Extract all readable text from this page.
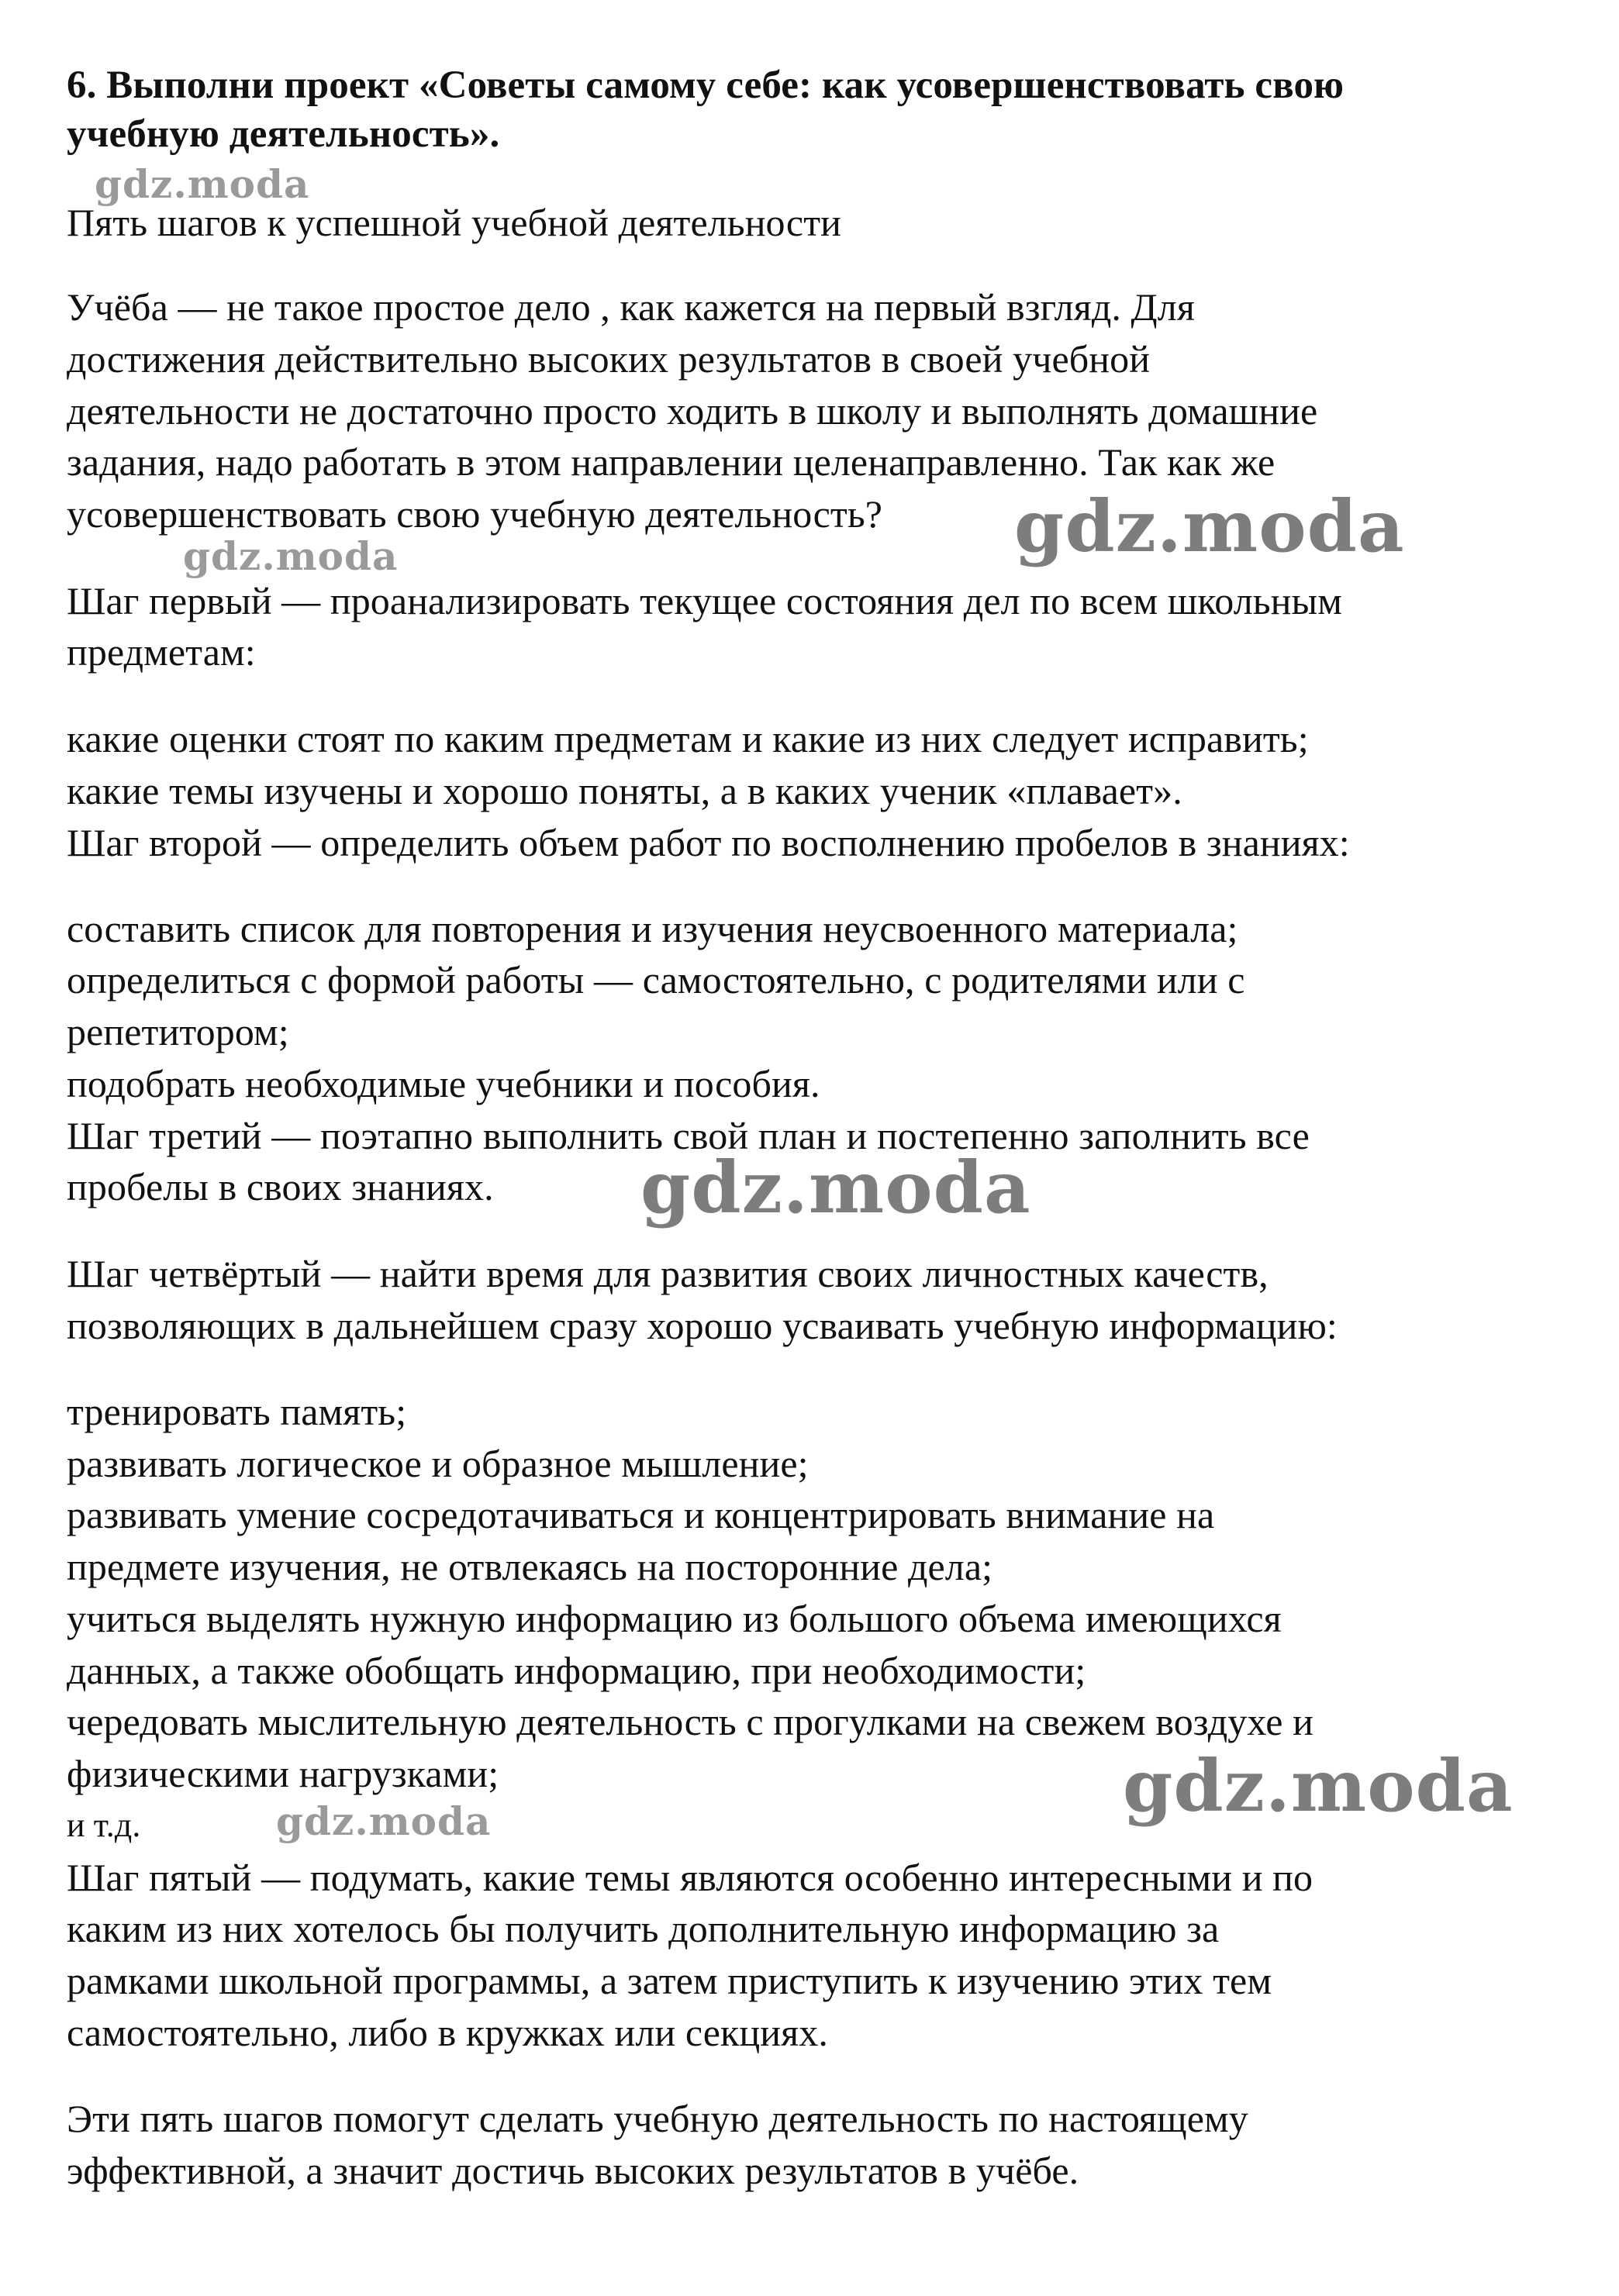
6. Выполни проект «Советы самому себе: как усовершенствовать свою
учебную деятельность».
Пять шагов к успешной учебной деятельности
Учёба — не такое простое дело , как кажется на первый взгляд. Для
достижения действительно высоких результатов в своей учебной
деятельности не достаточно просто ходить в школу и выполнять домашние
задания, надо работать в этом направлении целенаправленно. Так как же
усовершенствовать свою учебную деятельность?
Шаг первый — проанализировать текущее состояния дел по всем школьным
предметам:
какие оценки стоят по каким предметам и какие из них следует исправить;
какие темы изучены и хорошо поняты, а в каких ученик «плавает».
Шаг второй — определить объем работ по восполнению пробелов в знаниях:
составить список для повторения и изучения неусвоенного материала;
определиться с формой работы — самостоятельно, с родителями или с
репетитором;
подобрать необходимые учебники и пособия.
Шаг третий — поэтапно выполнить свой план и постепенно заполнить все
пробелы в своих знаниях.
Шаг четвёртый — найти время для развития своих личностных качеств,
позволяющих в дальнейшем сразу хорошо усваивать учебную информацию:
тренировать память;
развивать логическое и образное мышление;
развивать умение сосредотачиваться и концентрировать внимание на
предмете изучения, не отвлекаясь на посторонние дела;
учиться выделять нужную информацию из большого объема имеющихся
данных, а также обобщать информацию, при необходимости;
чередовать мыслительную деятельность с прогулками на свежем воздухе и
физическими нагрузками;
и т.д.
Шаг пятый — подумать, какие темы являются особенно интересными и по
каким из них хотелось бы получить дополнительную информацию за
рамками школьной программы, а затем приступить к изучению этих тем
самостоятельно, либо в кружках или секциях.
Эти пять шагов помогут сделать учебную деятельность по настоящему
эффективной, а значит достичь высоких результатов в учёбе.
gdz.moda
gdz.moda	gdz.moda
gdz.moda
gdz.moda
gdz.moda
